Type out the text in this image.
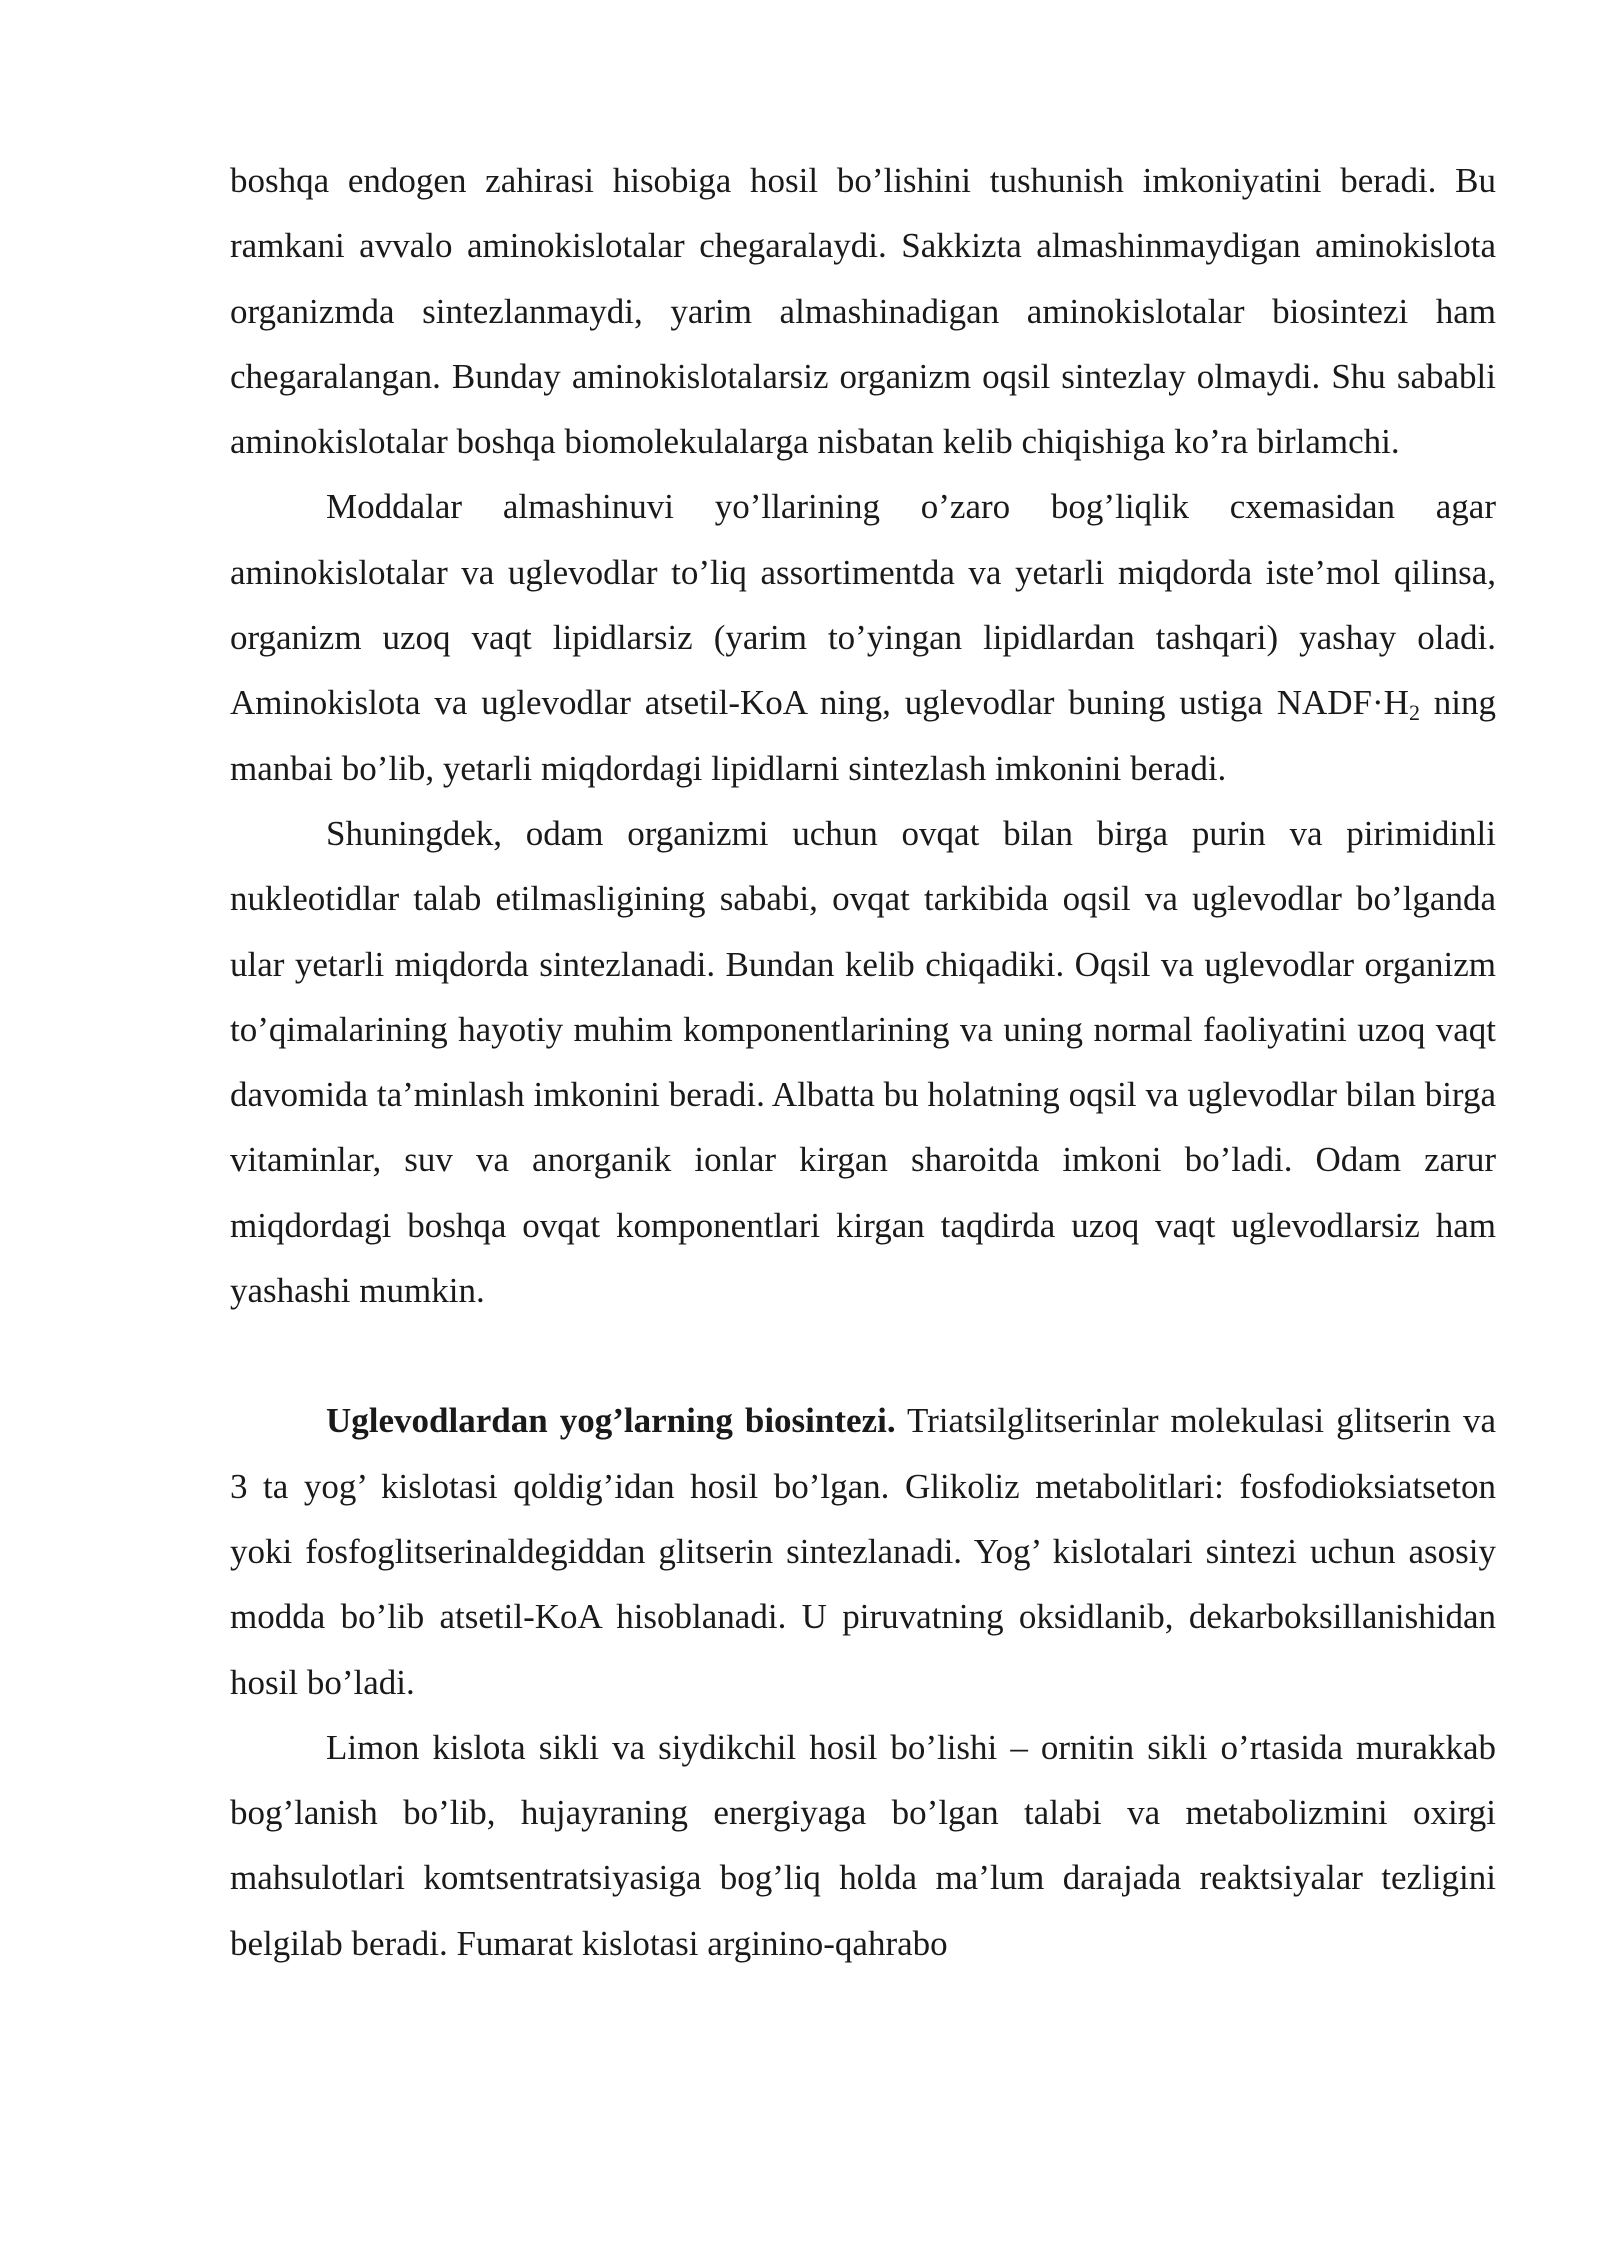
boshqa endogen zahirasi hisobiga hosil bo’lishini tushunish imkoniyatini beradi. Bu ramkani avvalo aminokislotalar chegaralaydi. Sakkizta almashinmaydigan aminokislota organizmda sintezlanmaydi, yarim almashinadigan aminokislotalar biosintezi ham chegaralangan. Bunday aminokislotalarsiz organizm oqsil sintezlay olmaydi. Shu sababli aminokislotalar boshqa biomolekulalarga nisbatan kelib chiqishiga ko’ra birlamchi.

Moddalar almashinuvi yo’llarining o’zaro bog’liqlik cxemasidan agar aminokislotalar va uglevodlar to’liq assortimentda va yetarli miqdorda iste’mol qilinsa, organizm uzoq vaqt lipidlarsiz (yarim to’yingan lipidlardan tashqari) yashay oladi. Aminokislota va uglevodlar atsetil-KoA ning, uglevodlar buning ustiga $NADF\cdot H_2$ ning manbai bo’lib, yetarli miqdordagi lipidlarni sintezlash imkonini beradi.

Shuningdek, odam organizmi uchun ovqat bilan birga purin va pirimidinli nukleotidlar talab etilmasligining sababi, ovqat tarkibida oqsil va uglevodlar bo’lganda ular yetarli miqdorda sintezlanadi. Bundan kelib chiqadiki. Oqsil va uglevodlar organizm to’qimalarining hayotiy muhim komponentlarining va uning normal faoliyatini uzoq vaqt davomida ta’minlash imkonini beradi. Albatta bu holatning oqsil va uglevodlar bilan birga vitaminlar, suv va anorganik ionlar kirgan sharoitda imkoni bo’ladi. Odam zarur miqdordagi boshqa ovqat komponentlari kirgan taqdirda uzoq vaqt uglevodlarsiz ham yashashi mumkin.

Uglevodlardan yog’larning biosintezi. Triatsilglitserinlar molekulasi glitserin va 3 ta yog’ kislotasi qoldig’idan hosil bo’lgan. Glikoliz metabolitlari: fosfodioksiatseton yoki fosfoglitserinaldegiddan glitserin sintezlanadi. Yog’ kislotalari sintezi uchun asosiy modda bo’lib atsetil-KoA hisoblanadi. U piruvatning oksidlanib, dekarboksillanishidan hosil bo’ladi.

Limon kislota sikli va siydikchil hosil bo’lishi – ornitin sikli o’rtasida murakkab bog’lanish bo’lib, hujayraning energiyaga bo’lgan talabi va metabolizmini oxirgi mahsulotlari komtsentratsiyasiga bog’liq holda ma’lum darajada reaktsiyalar tezligini belgilab beradi. Fumarat kislotasi arginino-qahrabo
